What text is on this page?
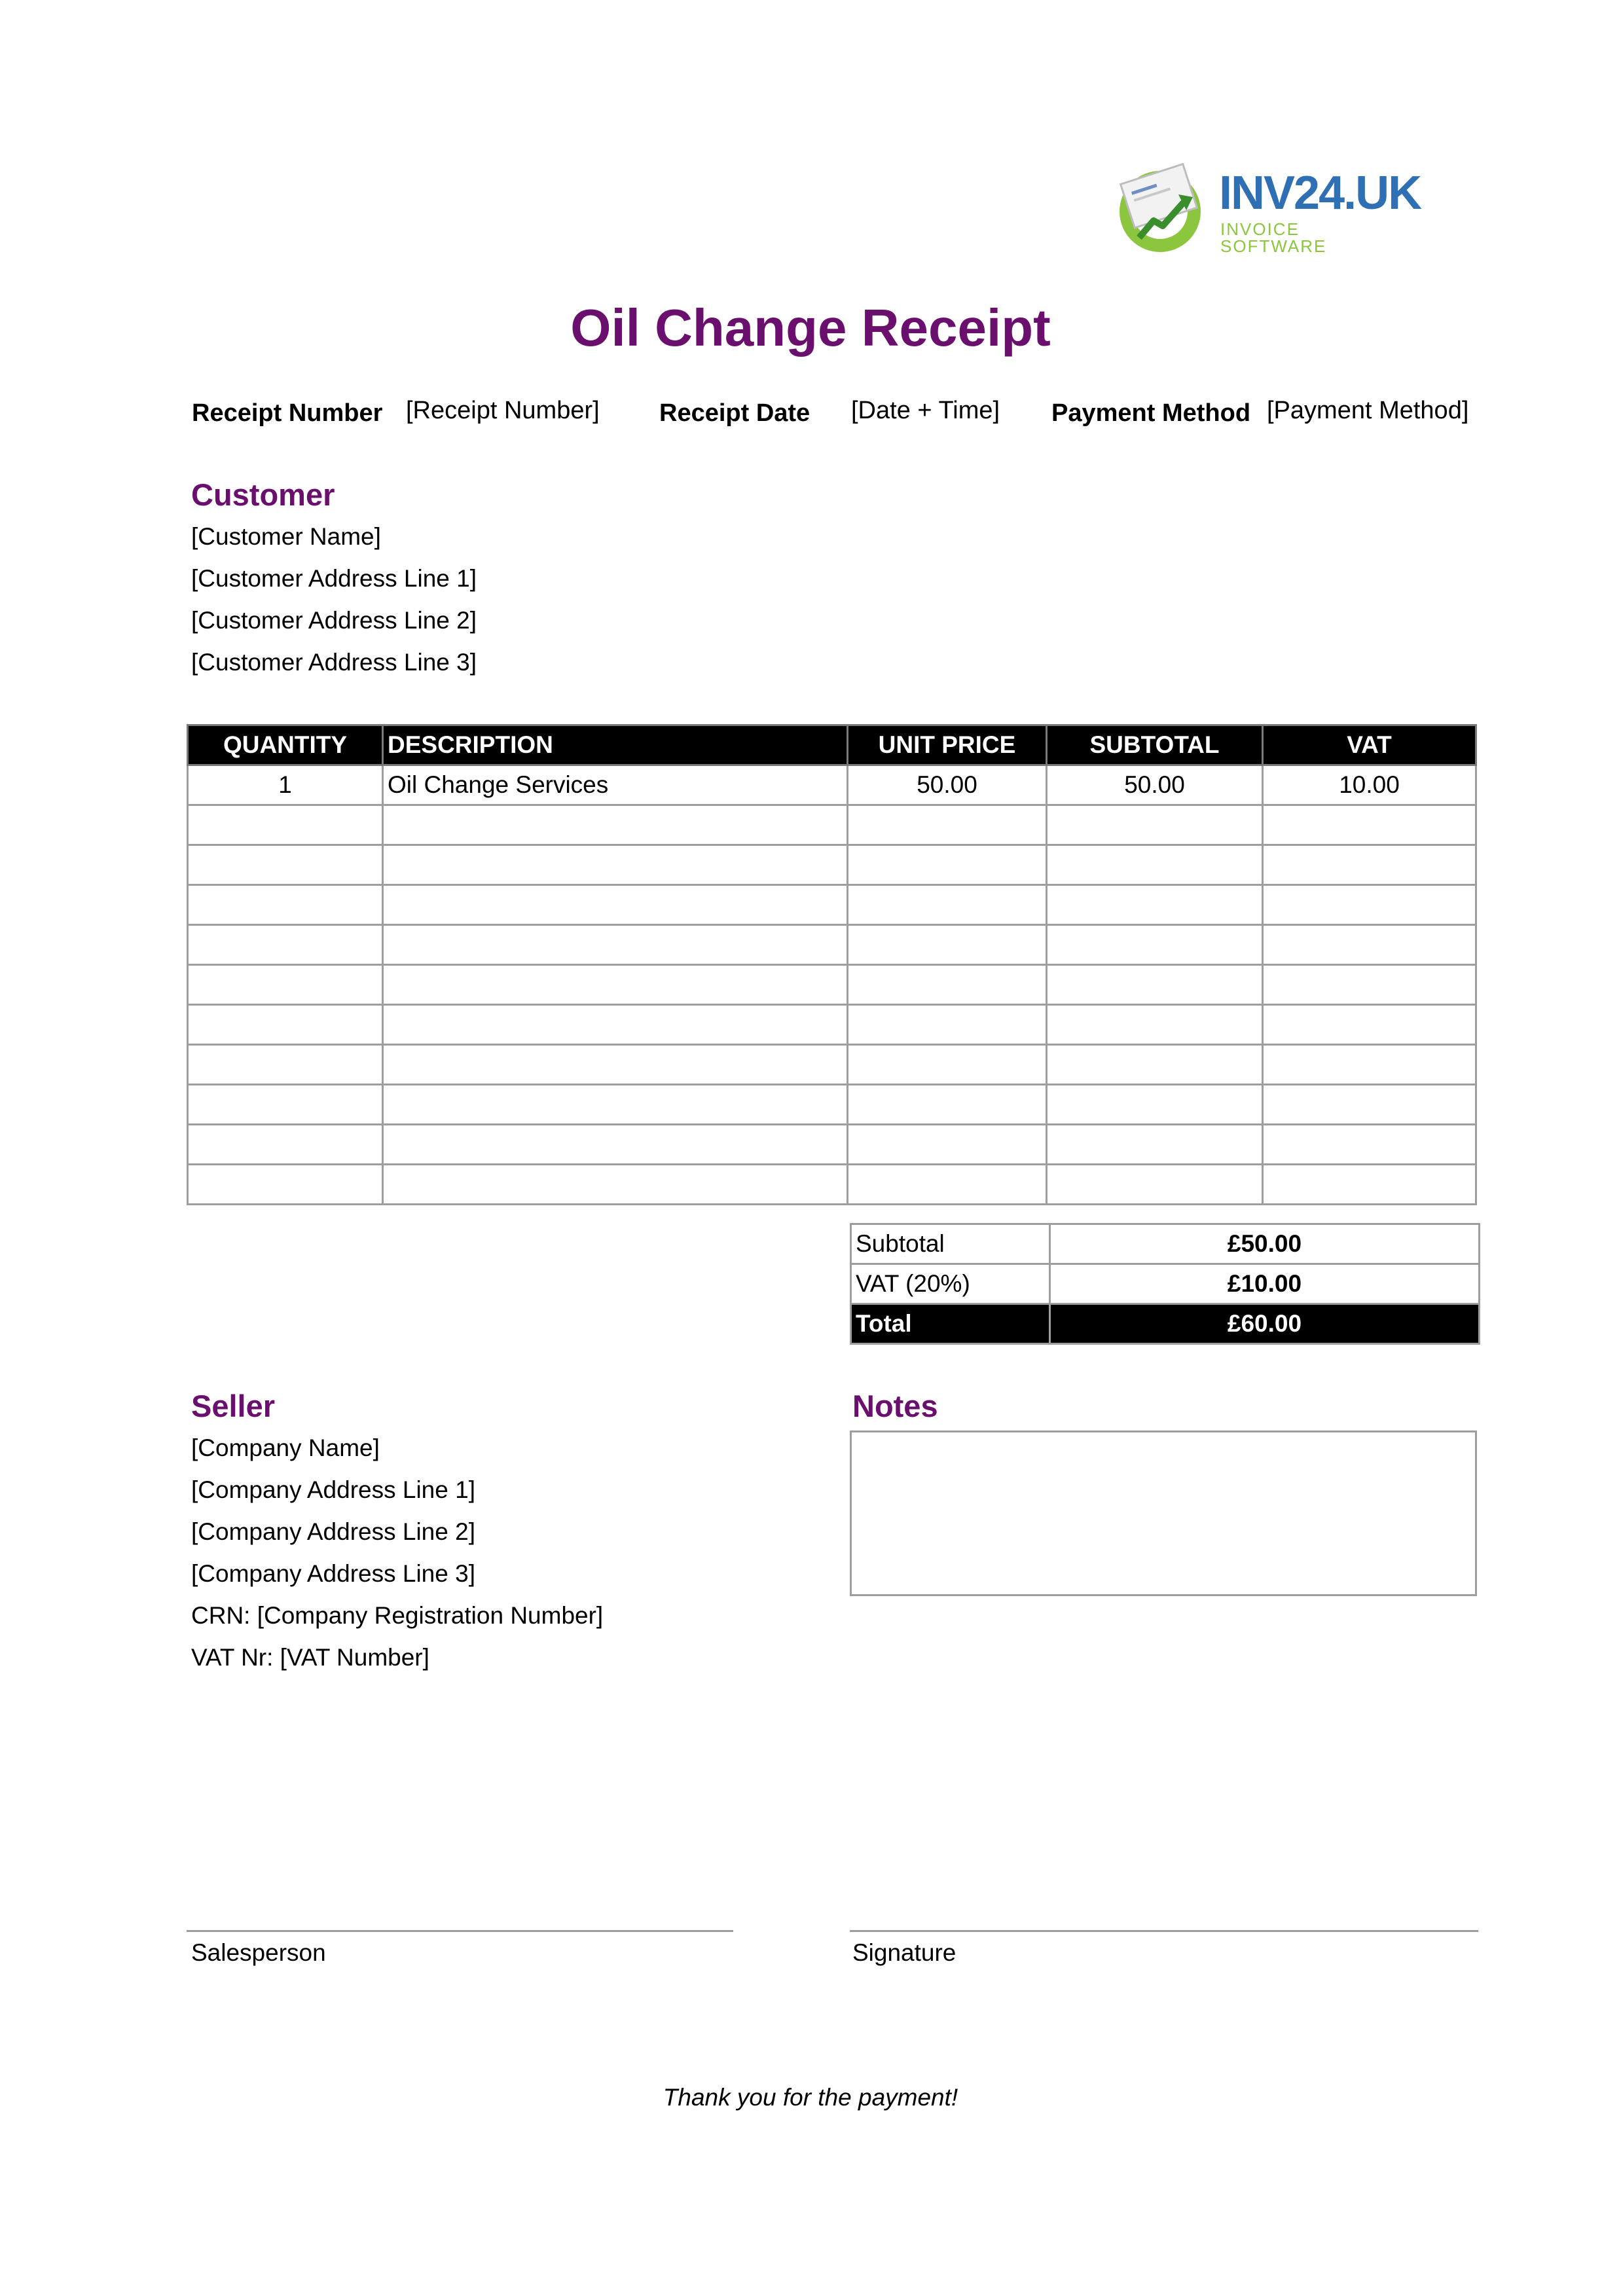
INV24.UK
INVOICE SOFTWARE
Oil Change Receipt
Receipt Number [Receipt Number] Receipt Date [Date + Time] Payment Method [Payment Method]
Customer
[Customer Name]
[Customer Address Line 1]
[Customer Address Line 2]
[Customer Address Line 3]
QUANTITY	DESCRIPTION	UNIT PRICE	SUBTOTAL	VAT
1	Oil Change Services	50.00	50.00	10.00

Subtotal	£50.00
VAT (20%)	£10.00
Total	£60.00
Seller
[Company Name]
[Company Address Line 1]
[Company Address Line 2]
[Company Address Line 3]
CRN: [Company Registration Number]
VAT Nr: [VAT Number]
Notes
Salesperson	Signature
Thank you for the payment!
